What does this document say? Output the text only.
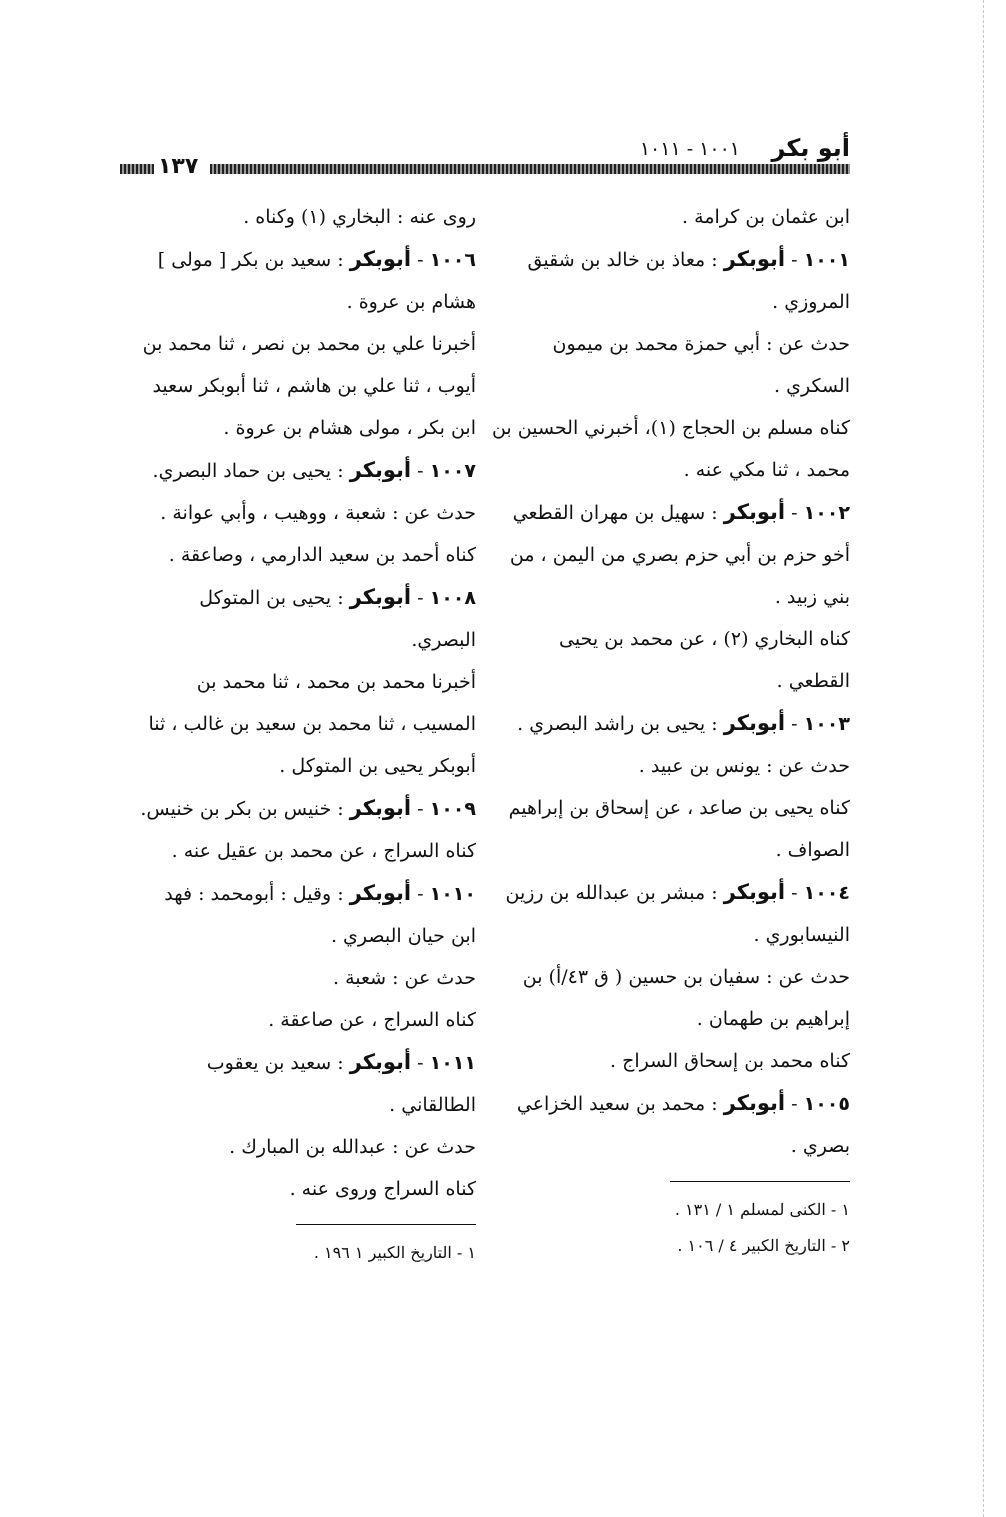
أبو بكر
١٠٠١ - ١٠١١
١٣٧
ابن عثمان بن كرامة .
١٠٠١ - أبوبكر : معاذ بن خالد بن شقيق
المروزي .
حدث عن : أبي حمزة محمد بن ميمون
السكري .
كناه مسلم بن الحجاج (١)، أخبرني الحسين بن
محمد ، ثنا مكي عنه .
١٠٠٢ - أبوبكر : سهيل بن مهران القطعي
أخو حزم بن أبي حزم بصري من اليمن ، من
بني زبيد .
كناه البخاري (٢) ، عن محمد بن يحيى
القطعي .
١٠٠٣ - أبوبكر : يحيى بن راشد البصري .
حدث عن : يونس بن عبيد .
كناه يحيى بن صاعد ، عن إسحاق بن إبراهيم
الصواف .
١٠٠٤ - أبوبكر : مبشر بن عبدالله بن رزين
النيسابوري .
حدث عن : سفيان بن حسين ( ق ٤٣/أ) بن
إبراهيم بن طهمان .
كناه محمد بن إسحاق السراج .
١٠٠٥ - أبوبكر : محمد بن سعيد الخزاعي
بصري .
١ - الكنى لمسلم ١ / ١٣١ .
٢ - التاريخ الكبير ٤ / ١٠٦ .
روى عنه : البخاري (١) وكناه .
١٠٠٦ - أبوبكر : سعيد بن بكر [ مولى ]
هشام بن عروة .
أخبرنا علي بن محمد بن نصر ، ثنا محمد بن
أيوب ، ثنا علي بن هاشم ، ثنا أبوبكر سعيد
ابن بكر ، مولى هشام بن عروة .
١٠٠٧ - أبوبكر : يحيى بن حماد البصري.
حدث عن : شعبة ، ووهيب ، وأبي عوانة .
كناه أحمد بن سعيد الدارمي ، وصاعقة .
١٠٠٨ - أبوبكر : يحيى بن المتوكل
البصري.
أخبرنا محمد بن محمد ، ثنا محمد بن
المسيب ، ثنا محمد بن سعيد بن غالب ، ثنا
أبوبكر يحيى بن المتوكل .
١٠٠٩ - أبوبكر : خنيس بن بكر بن خنيس.
كناه السراج ، عن محمد بن عقيل عنه .
١٠١٠ - أبوبكر : وقيل : أبومحمد : فهد
ابن حيان البصري .
حدث عن : شعبة .
كناه السراج ، عن صاعقة .
١٠١١ - أبوبكر : سعيد بن يعقوب
الطالقاني .
حدث عن : عبدالله بن المبارك .
كناه السراج وروى عنه .
١ - التاريخ الكبير ١ ١٩٦ .
